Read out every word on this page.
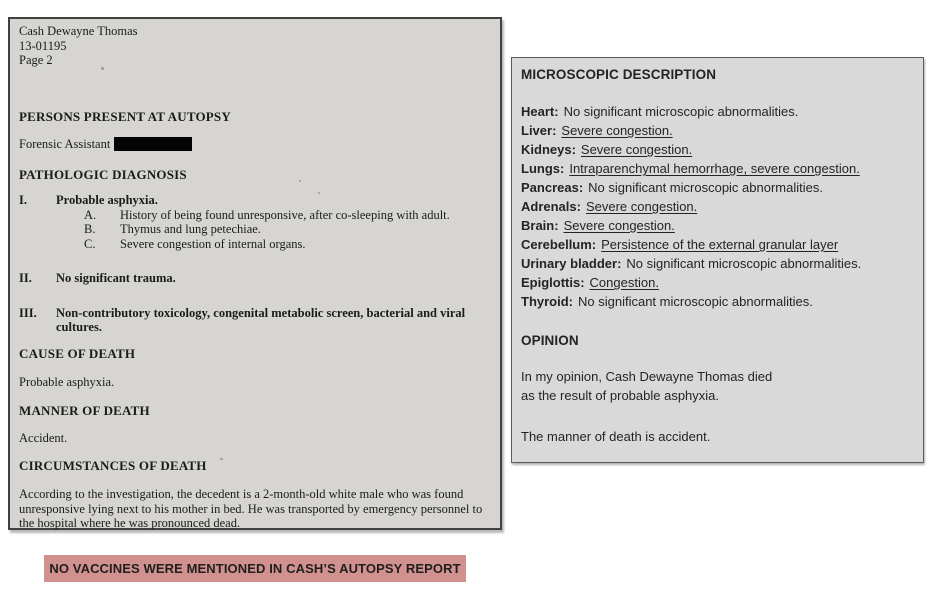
Cash Dewayne Thomas
13-01195
Page 2
PERSONS PRESENT AT AUTOPSY
Forensic Assistant
PATHOLOGIC DIAGNOSIS
I.	Probable asphyxia.
A.	History of being found unresponsive, after co-sleeping with adult.
B.	Thymus and lung petechiae.
C.	Severe congestion of internal organs.
II.	No significant trauma.
III.	Non-contributory toxicology, congenital metabolic screen, bacterial and viral cultures.
CAUSE OF DEATH
Probable asphyxia.
MANNER OF DEATH
Accident.
CIRCUMSTANCES OF DEATH
According to the investigation, the decedent is a 2-month-old white male who was found unresponsive lying next to his mother in bed. He was transported by emergency personnel to the hospital where he was pronounced dead.
MICROSCOPIC DESCRIPTION
Heart: No significant microscopic abnormalities.
Liver: Severe congestion.
Kidneys: Severe congestion.
Lungs: Intraparenchymal hemorrhage, severe congestion.
Pancreas: No significant microscopic abnormalities.
Adrenals: Severe congestion.
Brain: Severe congestion.
Cerebellum: Persistence of the external granular layer
Urinary bladder: No significant microscopic abnormalities.
Epiglottis: Congestion.
Thyroid: No significant microscopic abnormalities.
OPINION
In my opinion, Cash Dewayne Thomas died
as the result of probable asphyxia.
The manner of death is accident.
NO VACCINES WERE MENTIONED IN CASH’S AUTOPSY REPORT
